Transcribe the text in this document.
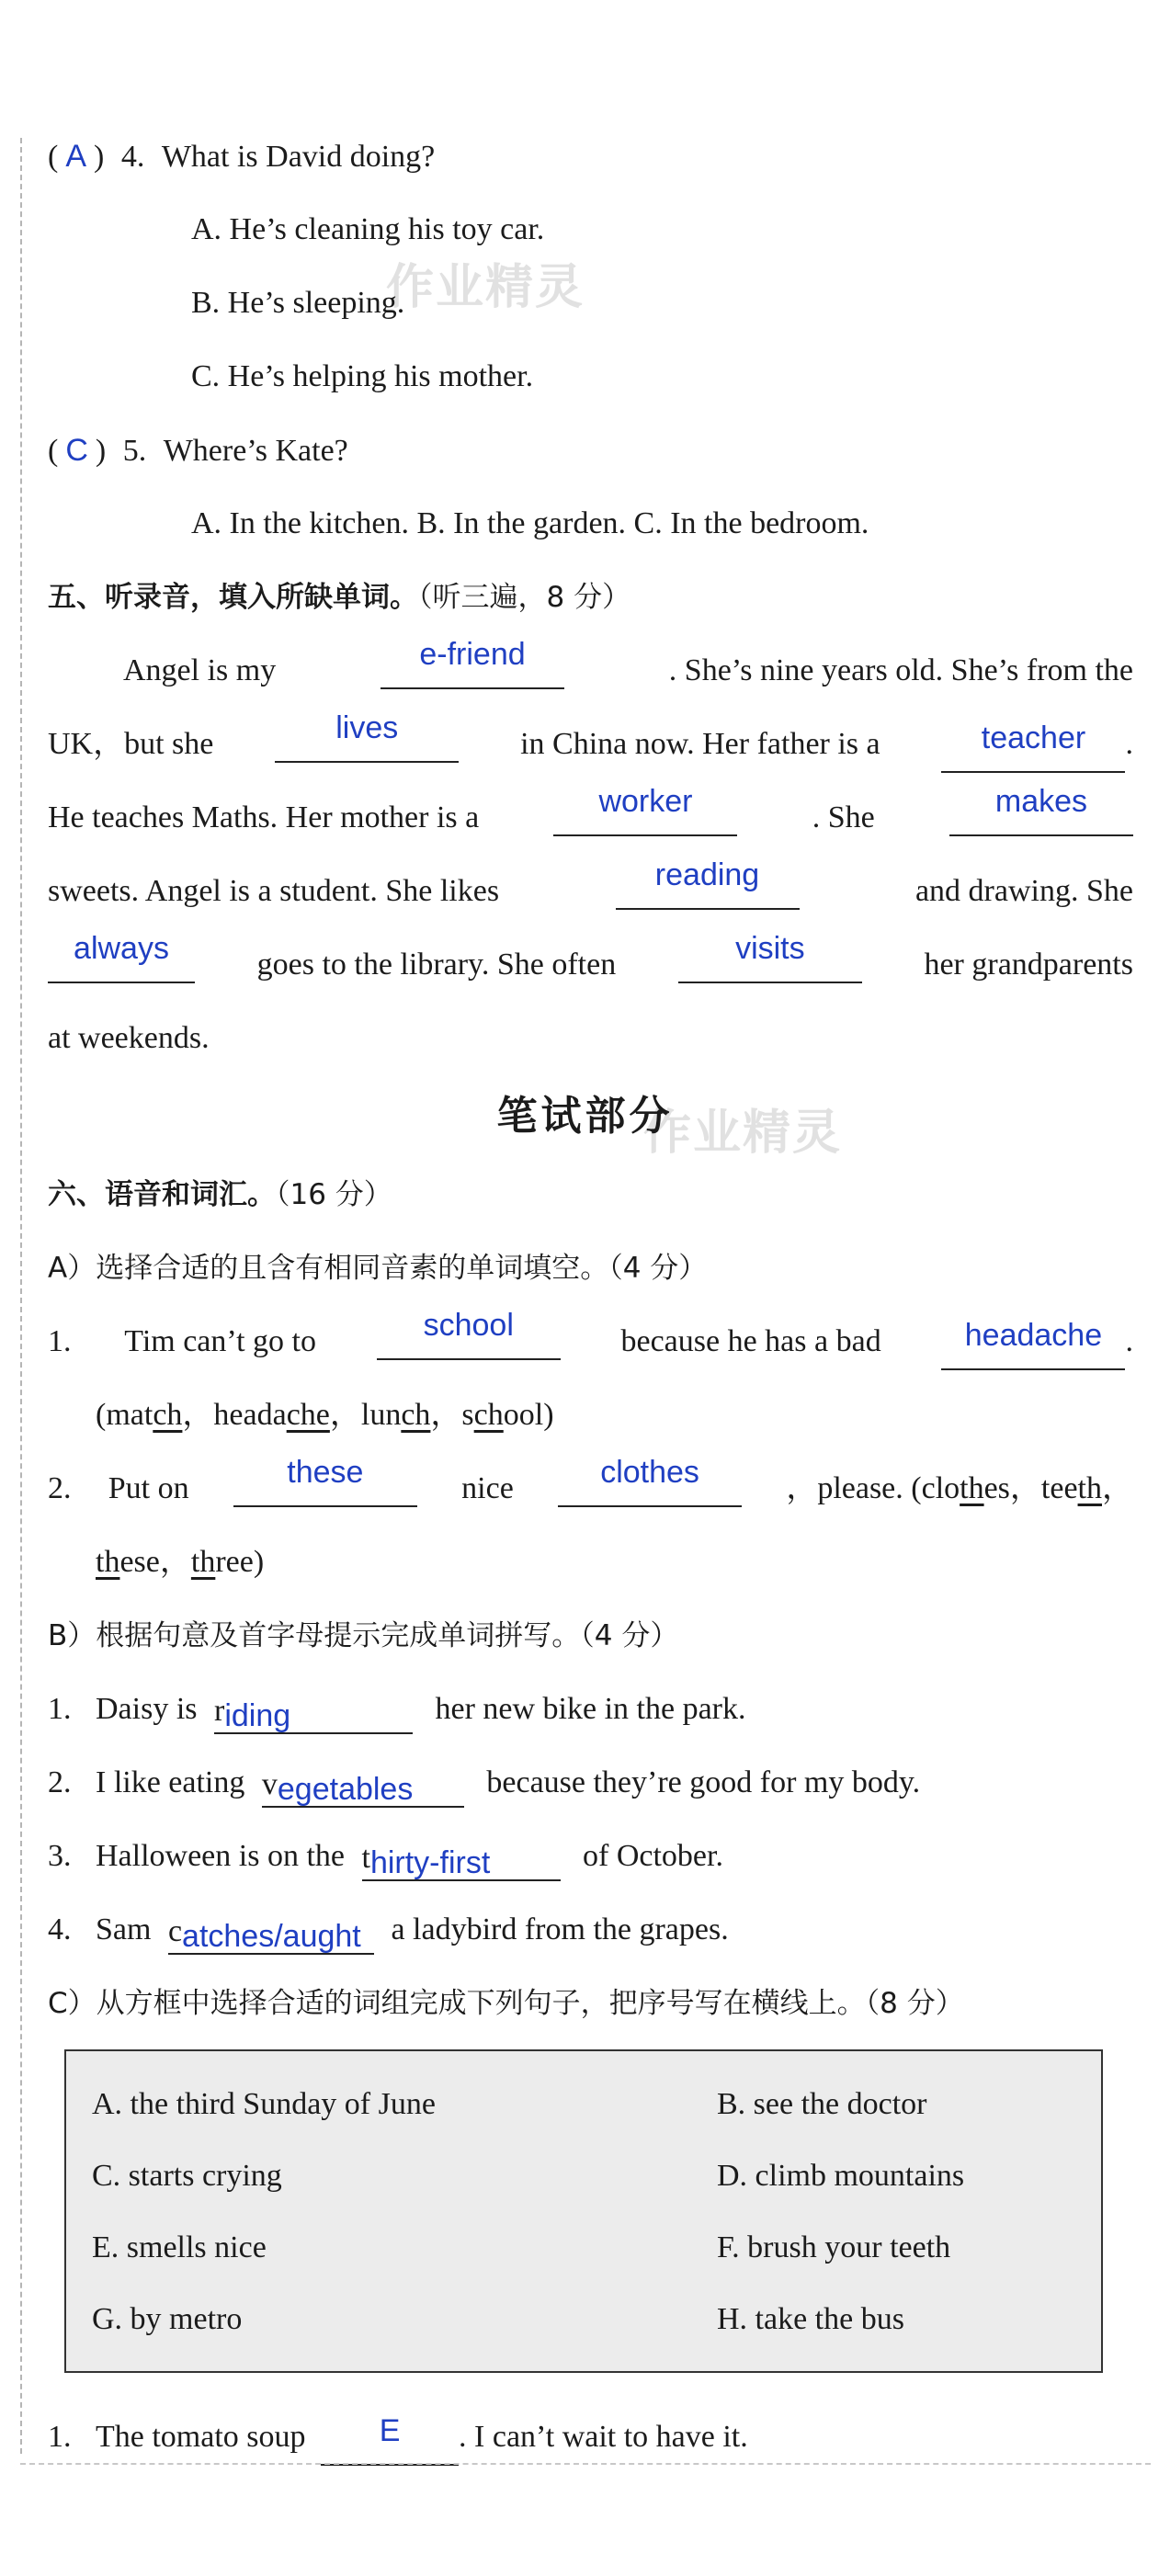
作业精灵
作业精灵
( A ) 4. What is David doing?
A. He’s cleaning his toy car.
B. He’s sleeping.
C. He’s helping his mother.
( C ) 5. Where’s Kate?
A. In the kitchen. B. In the garden. C. In the bedroom.
五、听录音，填入所缺单词。（听三遍，8 分）
Angel is my	e-friend	. She’s nine years old. She’s from the
UK，but she	lives	in China now. Her father is a	teacher .
He teaches Maths. Her mother is a	worker	. She	makes
sweets. Angel is a student. She likes	reading	and drawing. She
always	goes to the library. She often	visits	her grandparents
at weekends.
笔试部分
六、语音和词汇。（16 分）
A）选择合适的且含有相同音素的单词填空。（4 分）
1. Tim can’t go to	school	because he has a bad	headache .
(match，headache，lunch，school)
2. Put on	these	nice	clothes	，please. (clothes，teeth，
these，three)
B）根据句意及首字母提示完成单词拼写。（4 分）
1. Daisy is riding	her new bike in the park.
2. I like eating vegetables because they’re good for my body.
3. Halloween is on the thirty-first	of October.
4. Sam catches/aught a ladybird from the grapes.
C）从方框中选择合适的词组完成下列句子，把序号写在横线上。（8 分）
A. the third Sunday of June	B. see the doctor
C. starts crying	D. climb mountains
E. smells nice	F. brush your teeth
G. by metro	H. take the bus
1. The tomato soup E . I can’t wait to have it.
